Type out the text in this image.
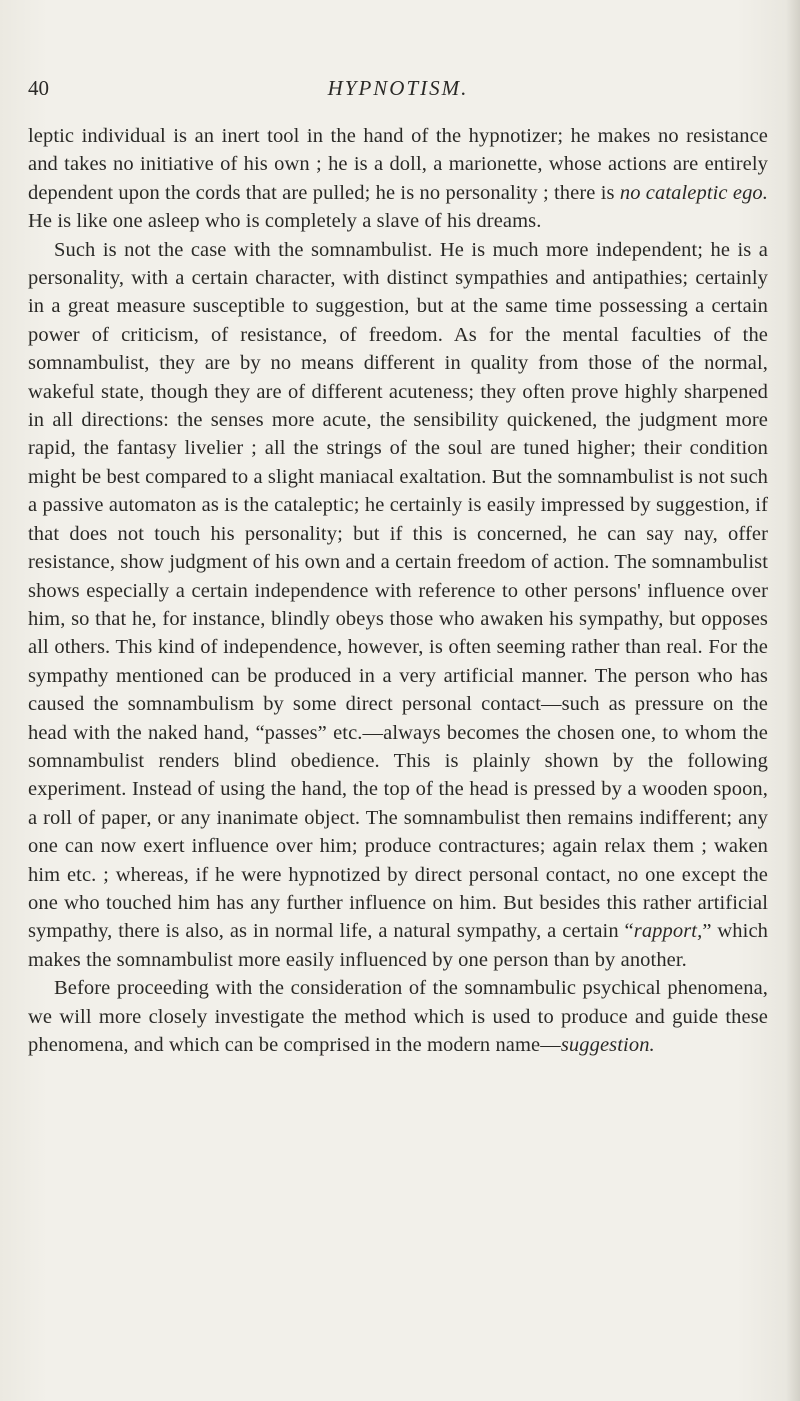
40	HYPNOTISM.

leptic individual is an inert tool in the hand of the hypnotizer; he makes no resistance and takes no initiative of his own ; he is a doll, a marionette, whose actions are entirely dependent upon the cords that are pulled; he is no personality ; there is no cataleptic ego. He is like one asleep who is completely a slave of his dreams.

Such is not the case with the somnambulist. He is much more independent; he is a personality, with a certain character, with distinct sympathies and antipathies; certainly in a great measure susceptible to suggestion, but at the same time possessing a certain power of criticism, of resistance, of freedom. As for the mental faculties of the somnambulist, they are by no means different in quality from those of the normal, wakeful state, though they are of different acuteness; they often prove highly sharpened in all directions: the senses more acute, the sensibility quickened, the judgment more rapid, the fantasy livelier ; all the strings of the soul are tuned higher; their condition might be best compared to a slight maniacal exaltation. But the somnambulist is not such a passive automaton as is the cataleptic; he certainly is easily impressed by suggestion, if that does not touch his personality; but if this is concerned, he can say nay, offer resistance, show judgment of his own and a certain freedom of action. The somnambulist shows especially a certain independence with reference to other persons' influence over him, so that he, for instance, blindly obeys those who awaken his sympathy, but opposes all others. This kind of independence, however, is often seeming rather than real. For the sympathy mentioned can be produced in a very artificial manner. The person who has caused the somnambulism by some direct personal contact—such as pressure on the head with the naked hand, “passes” etc.—always becomes the chosen one, to whom the somnambulist renders blind obedience. This is plainly shown by the following experiment. Instead of using the hand, the top of the head is pressed by a wooden spoon, a roll of paper, or any inanimate object. The somnambulist then remains indifferent; any one can now exert influence over him; produce contractures; again relax them ; waken him etc. ; whereas, if he were hypnotized by direct personal contact, no one except the one who touched him has any further influence on him. But besides this rather artificial sympathy, there is also, as in normal life, a natural sympathy, a certain “rapport,” which makes the somnambulist more easily influenced by one person than by another.

Before proceeding with the consideration of the somnambulic psychical phenomena, we will more closely investigate the method which is used to produce and guide these phenomena, and which can be comprised in the modern name—suggestion.
